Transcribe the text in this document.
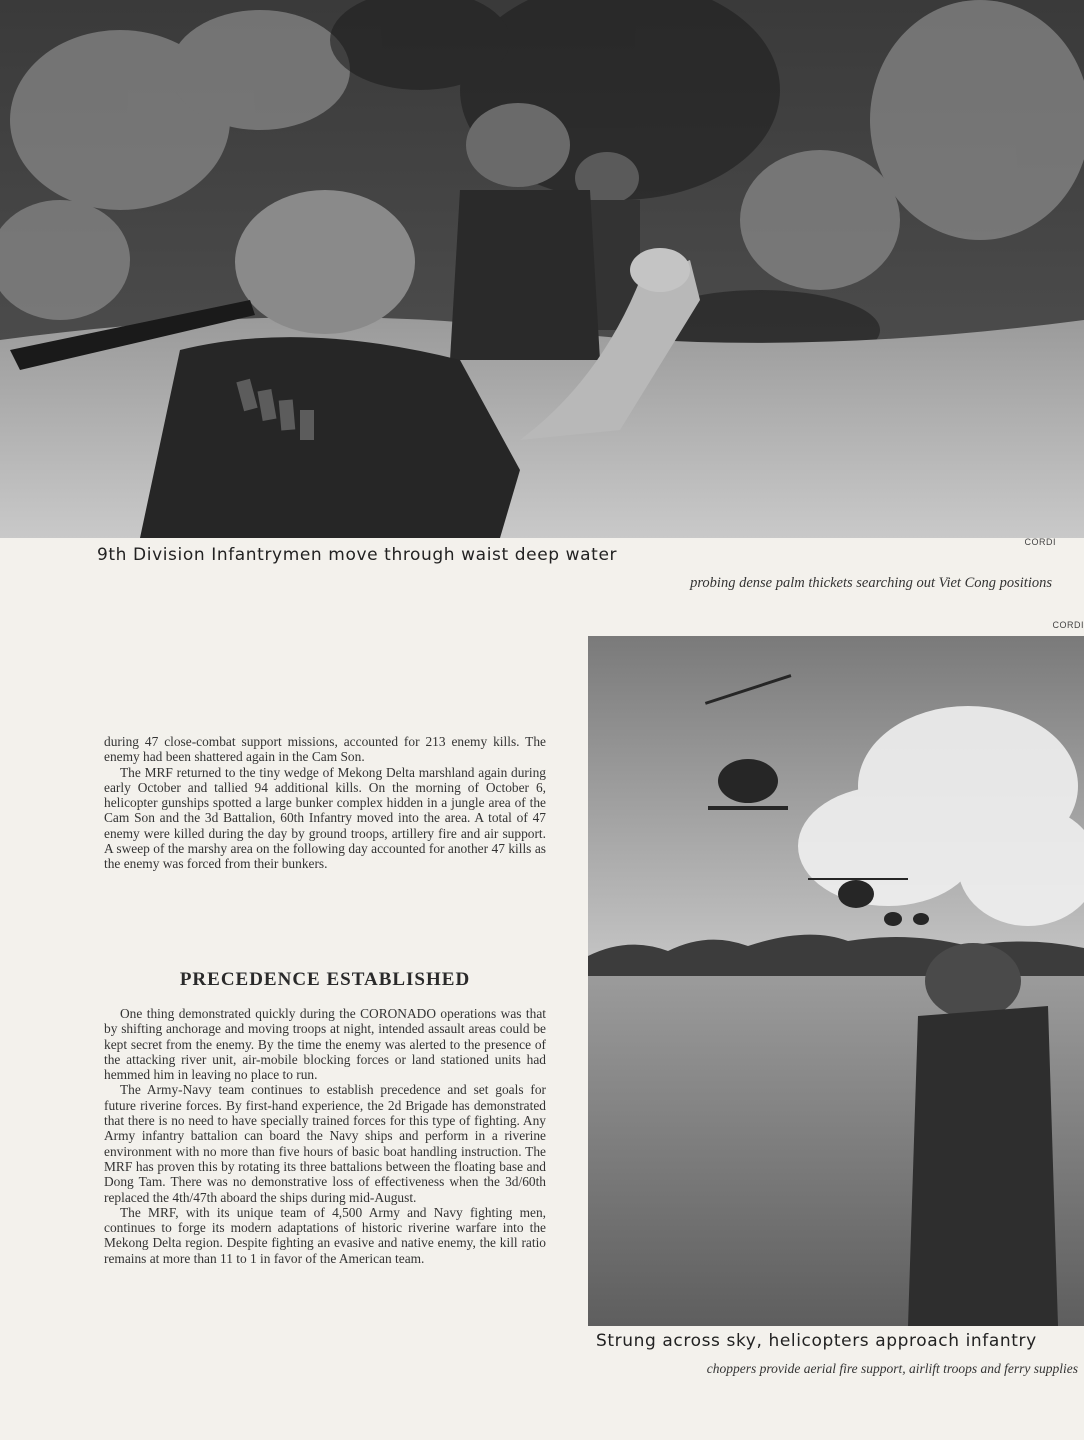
CORDI
9th Division Infantrymen move through waist deep water
probing dense palm thickets searching out Viet Cong positions
CORDI
Strung across sky, helicopters approach infantry
choppers provide aerial fire support, airlift troops and ferry supplies

during 47 close-combat support missions, accounted for 213 enemy kills. The enemy had been shattered again in the Cam Son.

The MRF returned to the tiny wedge of Mekong Delta marshland again during early October and tallied 94 additional kills. On the morning of October 6, helicopter gunships spotted a large bunker complex hidden in a jungle area of the Cam Son and the 3d Battalion, 60th Infantry moved into the area. A total of 47 enemy were killed during the day by ground troops, artillery fire and air support. A sweep of the marshy area on the following day accounted for another 47 kills as the enemy was forced from their bunkers.

PRECEDENCE ESTABLISHED

One thing demonstrated quickly during the CORONADO operations was that by shifting anchorage and moving troops at night, intended assault areas could be kept secret from the enemy. By the time the enemy was alerted to the presence of the attacking river unit, air-mobile blocking forces or land stationed units had hemmed him in leaving no place to run.

The Army-Navy team continues to establish precedence and set goals for future riverine forces. By first-hand experience, the 2d Brigade has demonstrated that there is no need to have specially trained forces for this type of fighting. Any Army infantry battalion can board the Navy ships and perform in a riverine environment with no more than five hours of basic boat handling instruction. The MRF has proven this by rotating its three battalions between the floating base and Dong Tam. There was no demonstrative loss of effectiveness when the 3d/60th replaced the 4th/47th aboard the ships during mid-August.

The MRF, with its unique team of 4,500 Army and Navy fighting men, continues to forge its modern adaptations of historic riverine warfare into the Mekong Delta region. Despite fighting an evasive and native enemy, the kill ratio remains at more than 11 to 1 in favor of the American team.
